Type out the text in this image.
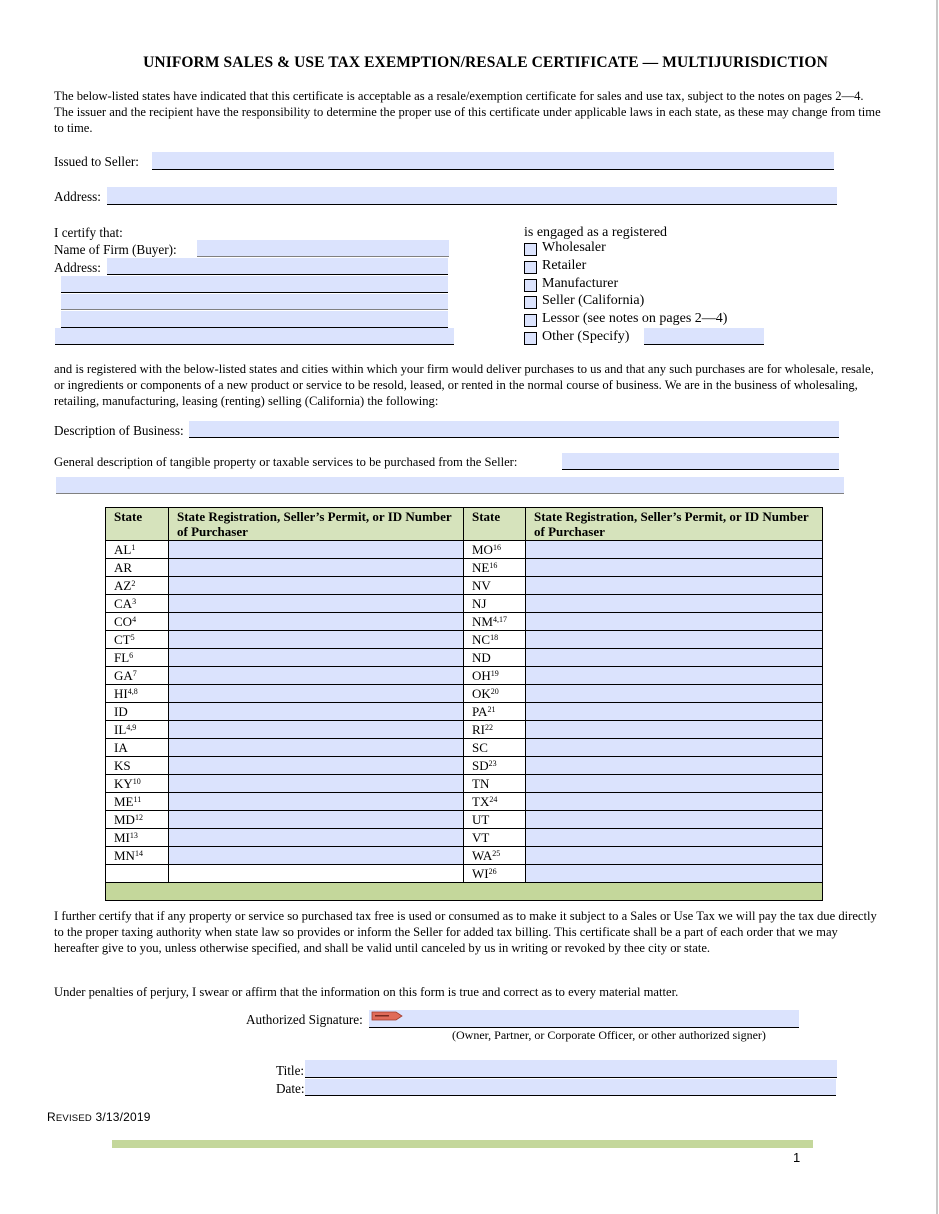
UNIFORM SALES & USE TAX EXEMPTION/RESALE CERTIFICATE — MULTIJURISDICTION
The below-listed states have indicated that this certificate is acceptable as a resale/exemption certificate for sales and use tax, subject to the notes on pages 2—4. The issuer and the recipient have the responsibility to determine the proper use of this certificate under applicable laws in each state, as these may change from time to time.
Issued to Seller:
Address:
I certify that:
Name of Firm (Buyer):
Address:
is engaged as a registered
Wholesaler
Retailer
Manufacturer
Seller (California)
Lessor (see notes on pages 2—4)
Other (Specify)
and is registered with the below-listed states and cities within which your firm would deliver purchases to us and that any such purchases are for wholesale, resale, or ingredients or components of a new product or service to be resold, leased, or rented in the normal course of business. We are in the business of wholesaling, retailing, manufacturing, leasing (renting) selling (California) the following:
Description of Business:
General description of tangible property or taxable services to be purchased from the Seller:
State	State Registration, Seller’s Permit, or ID Number of Purchaser	State	State Registration, Seller’s Permit, or ID Number of Purchaser
$AL^1$		MO$^{16}$	
AR		NE$^{16}$	
$AZ^2$		NV	
$CA^3$		NJ	
$CO^4$		NM$^{4,17}$	
$CT^5$		NC$^{18}$	
$FL^6$		ND	
$GA^7$		OH$^{19}$	
HI$^{4,8}$		OK$^{20}$	
ID		PA$^{21}$	
IL$^{4,9}$		RI$^{22}$	
IA		SC	
KS		SD$^{23}$	
KY$^{10}$		TN	
ME$^{11}$		TX$^{24}$	
MD$^{12}$		UT	
MI$^{13}$		VT	
MN$^{14}$		WA$^{25}$	
		WI$^{26}$	

I further certify that if any property or service so purchased tax free is used or consumed as to make it subject to a Sales or Use Tax we will pay the tax due directly to the proper taxing authority when state law so provides or inform the Seller for added tax billing. This certificate shall be a part of each order that we may hereafter give to you, unless otherwise specified, and shall be valid until canceled by us in writing or revoked by thee city or state.
Under penalties of perjury, I swear or affirm that the information on this form is true and correct as to every material matter.
Authorized Signature:
(Owner, Partner, or Corporate Officer, or other authorized signer)
Title:
Date:
REVISED 3/13/2019
1
